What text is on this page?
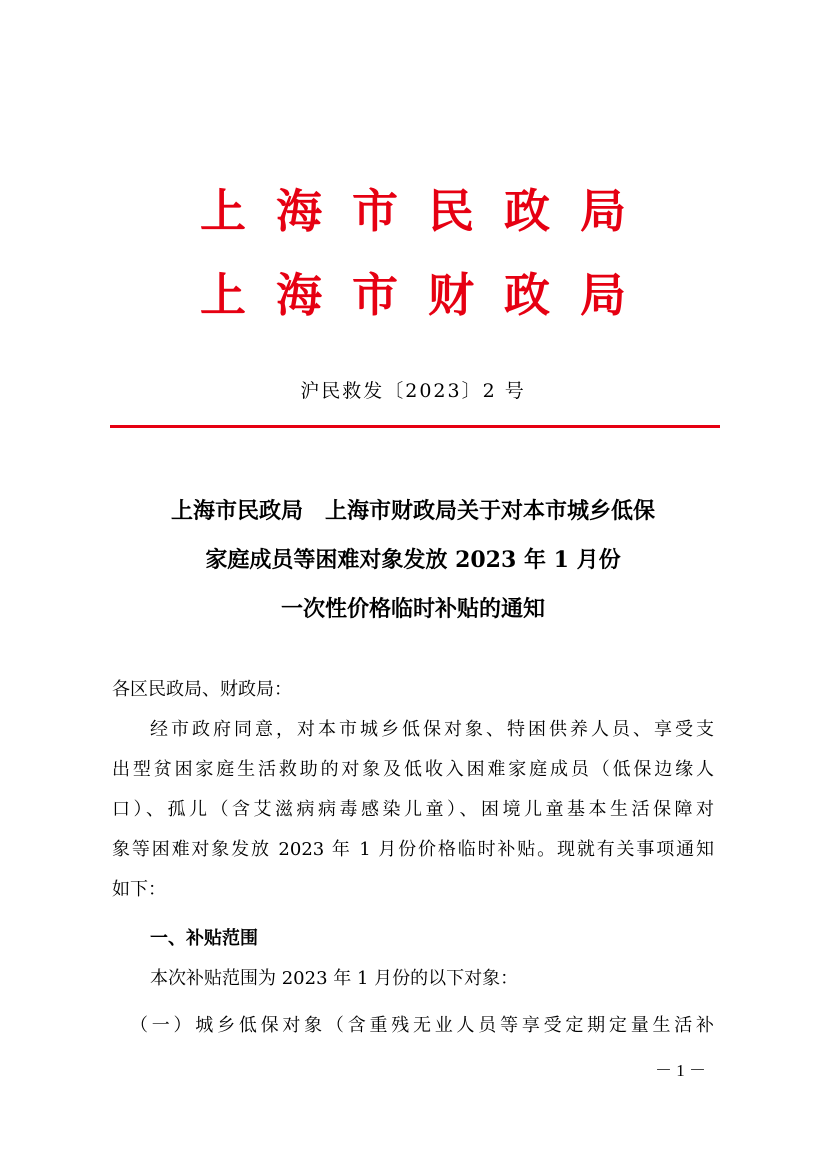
上海市民政局
上海市财政局
沪民救发〔2023〕2 号
上海市民政局　上海市财政局关于对本市城乡低保
家庭成员等困难对象发放 2023 年 1 月份
一次性价格临时补贴的通知
各区民政局、财政局：
经市政府同意，对本市城乡低保对象、特困供养人员、享受支
出型贫困家庭生活救助的对象及低收入困难家庭成员（低保边缘人
口）、孤儿（含艾滋病病毒感染儿童）、困境儿童基本生活保障对
象等困难对象发放 2023 年 1 月份价格临时补贴。现就有关事项通知
如下：
一、补贴范围
本次补贴范围为 2023 年 1 月份的以下对象：
（一）城乡低保对象（含重残无业人员等享受定期定量生活补
－ 1 －
